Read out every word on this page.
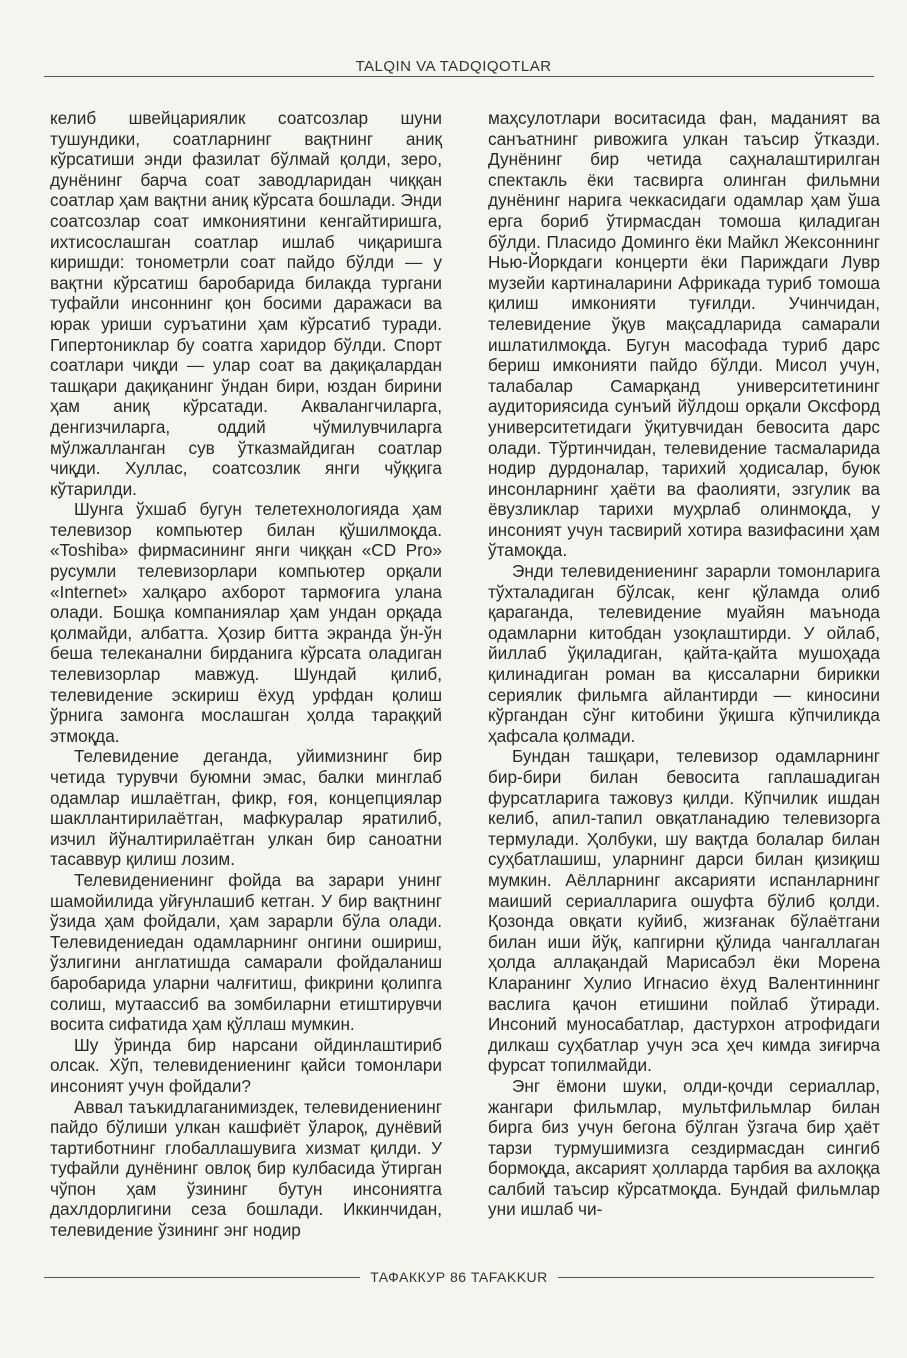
TALQIN VA TADQIQOTLAR

келиб швейцариялик соатсозлар шуни тушундики, соатларнинг вақтнинг аниқ кўрсатиши энди фазилат бўлмай қолди, зеро, дунёнинг барча соат заводларидан чиққан соатлар ҳам вақтни аниқ кўрсата бошлади. Энди соатсозлар соат имкониятини кенгайтиришга, ихтисослашган соатлар ишлаб чиқаришга киришди: тонометрли соат пайдо бўлди — у вақтни кўрсатиш баробарида билакда тургани туфайли инсоннинг қон босими даражаси ва юрак уриши суръатини ҳам кўрсатиб туради. Гипертониклар бу соатга харидор бўлди. Спорт соатлари чиқди — улар соат ва дақиқалардан ташқари дақиқанинг ўндан бири, юздан бирини ҳам аниқ кўрсатади. Аквалангчиларга, денгизчиларга, оддий чўмилувчиларга мўлжалланган сув ўтказмайдиган соатлар чиқди. Хуллас, соатсозлик янги чўққига кўтарилди.

Шунга ўхшаб бугун телетехнологияда ҳам телевизор компьютер билан қўшилмоқда. «Toshiba» фирмасининг янги чиққан «CD Pro» русумли телевизорлари компьютер орқали «Internet» халқаро ахборот тармоғига улана олади. Бошқа компаниялар ҳам ундан орқада қолмайди, албатта. Ҳозир битта экранда ўн-ўн беша телеканални бирданига кўрсата оладиган телевизорлар мавжуд. Шундай қилиб, телевидение эскириш ёхуд урфдан қолиш ўрнига замонга мослашган ҳолда тараққий этмоқда.

Телевидение деганда, уйимизнинг бир четида турувчи буюмни эмас, балки минглаб одамлар ишлаётган, фикр, ғоя, концепциялар шакллантирилаётган, мафкуралар яратилиб, изчил йўналтирилаётган улкан бир саноатни тасаввур қилиш лозим.

Телевидениенинг фойда ва зарари унинг шамойилида уйғунлашиб кетган. У бир вақтнинг ўзида ҳам фойдали, ҳам зарарли бўла олади. Телевидениедан одамларнинг онгини ошириш, ўзлигини англатишда самарали фойдаланиш баробарида уларни чалғитиш, фикрини қолипга солиш, мутаассиб ва зомбиларни етиштирувчи восита сифатида ҳам қўллаш мумкин.

Шу ўринда бир нарсани ойдинлаштириб олсак. Хўп, телевидениенинг қайси томонлари инсоният учун фойдали?

Аввал таъкидлаганимиздек, телевидениенинг пайдо бўлиши улкан кашфиёт ўлароқ, дунёвий тартиботнинг глобаллашувига хизмат қилди. У туфайли дунёнинг овлоқ бир кулбасида ўтирган чўпон ҳам ўзининг бутун инсониятга дахлдорлигини сеза бошлади. Иккинчидан, телевидение ўзининг энг нодир

маҳсулотлари воситасида фан, маданият ва санъатнинг ривожига улкан таъсир ўтказди. Дунёнинг бир четида саҳналаштирилган спектакль ёки тасвирга олинган фильмни дунёнинг нарига чеккасидаги одамлар ҳам ўша ерга бориб ўтирмасдан томоша қиладиган бўлди. Пласидо Доминго ёки Майкл Жексоннинг Нью-Йоркдаги концерти ёки Париждаги Лувр музейи картиналарини Африкада туриб томоша қилиш имконияти туғилди. Учинчидан, телевидение ўқув мақсадларида самарали ишлатилмоқда. Бугун масофада туриб дарс бериш имконияти пайдо бўлди. Мисол учун, талабалар Самарқанд университетининг аудиториясида сунъий йўлдош орқали Оксфорд университетидаги ўқитувчидан бевосита дарс олади. Тўртинчидан, телевидение тасмаларида нодир дурдоналар, тарихий ҳодисалар, буюк инсонларнинг ҳаёти ва фаолияти, эзгулик ва ёвузликлар тарихи муҳрлаб олинмоқда, у инсоният учун тасвирий хотира вазифасини ҳам ўтамоқда.

Энди телевидениенинг зарарли томонларига тўхталадиган бўлсак, кенг қўламда олиб қараганда, телевидение муайян маънода одамларни китобдан узоқлаштирди. У ойлаб, йиллаб ўқиладиган, қайта-қайта мушоҳада қилинадиган роман ва қиссаларни бирикки сериялик фильмга айлантирди — киносини кўргандан сўнг китобини ўқишга кўпчиликда ҳафсала қолмади.

Бундан ташқари, телевизор одамларнинг бир-бири билан бевосита гаплашадиган фурсатларига тажовуз қилди. Кўпчилик ишдан келиб, апил-тапил овқатланадию телевизорга термулади. Ҳолбуки, шу вақтда болалар билан суҳбатлашиш, уларнинг дарси билан қизиқиш мумкин. Аёлларнинг аксарияти испанларнинг маиший сериалларига ошуфта бўлиб қолди. Қозонда овқати куйиб, жизғанак бўлаётгани билан иши йўқ, капгирни қўлида чангаллаган ҳолда аллақандай Марисабэл ёки Морена Кларанинг Хулио Игнасио ёхуд Валентиннинг васлига қачон етишини пойлаб ўтиради. Инсоний муносабатлар, дастурхон атрофидаги дилкаш суҳбатлар учун эса ҳеч кимда зиғирча фурсат топилмайди.

Энг ёмони шуки, олди-қочди сериаллар, жангари фильмлар, мультфильмлар билан бирга биз учун бегона бўлган ўзгача бир ҳаёт тарзи турмушимизга сездирмасдан сингиб бормоқда, аксарият ҳолларда тарбия ва ахлоққа салбий таъсир кўрсатмоқда. Бундай фильмлар уни ишлаб чи-

ТАФАККУР 86 TAFAKKUR
